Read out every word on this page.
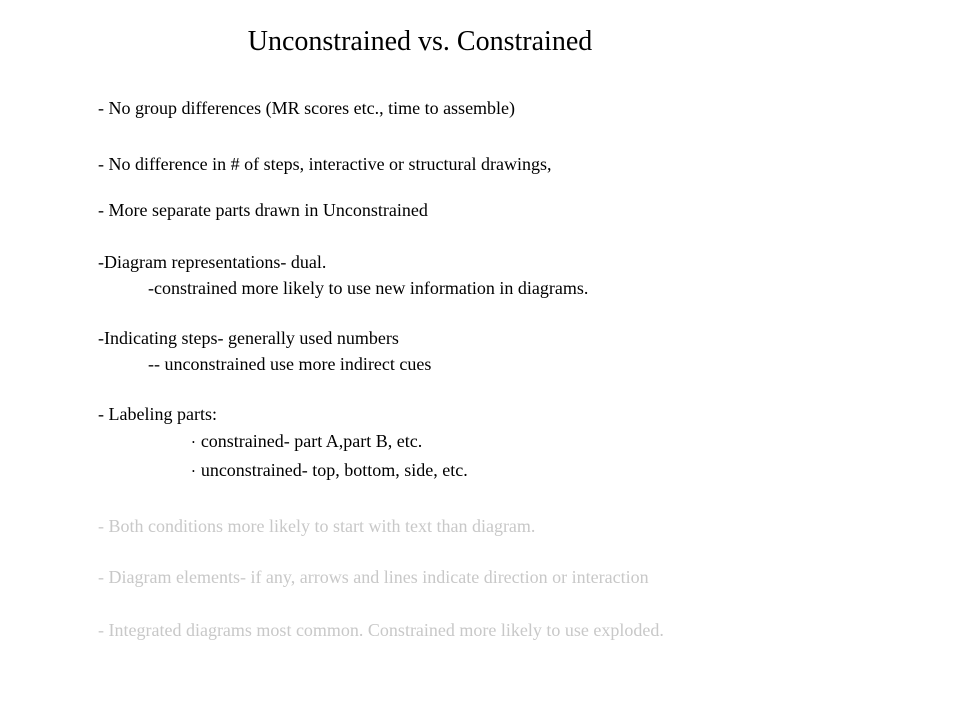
Unconstrained vs. Constrained
- No group differences (MR scores etc., time to assemble)
- No difference in # of steps, interactive or structural drawings,
- More separate parts drawn in Unconstrained
-Diagram representations- dual.
-constrained more likely to use new information in diagrams.
-Indicating steps- generally used numbers
-- unconstrained use more indirect cues
- Labeling parts:
• constrained- part A,part B, etc.
• unconstrained- top, bottom, side, etc.
- Both conditions more likely to start with text than diagram.
- Diagram elements- if any, arrows and lines indicate direction or interaction
- Integrated diagrams most common. Constrained more likely to use exploded.
